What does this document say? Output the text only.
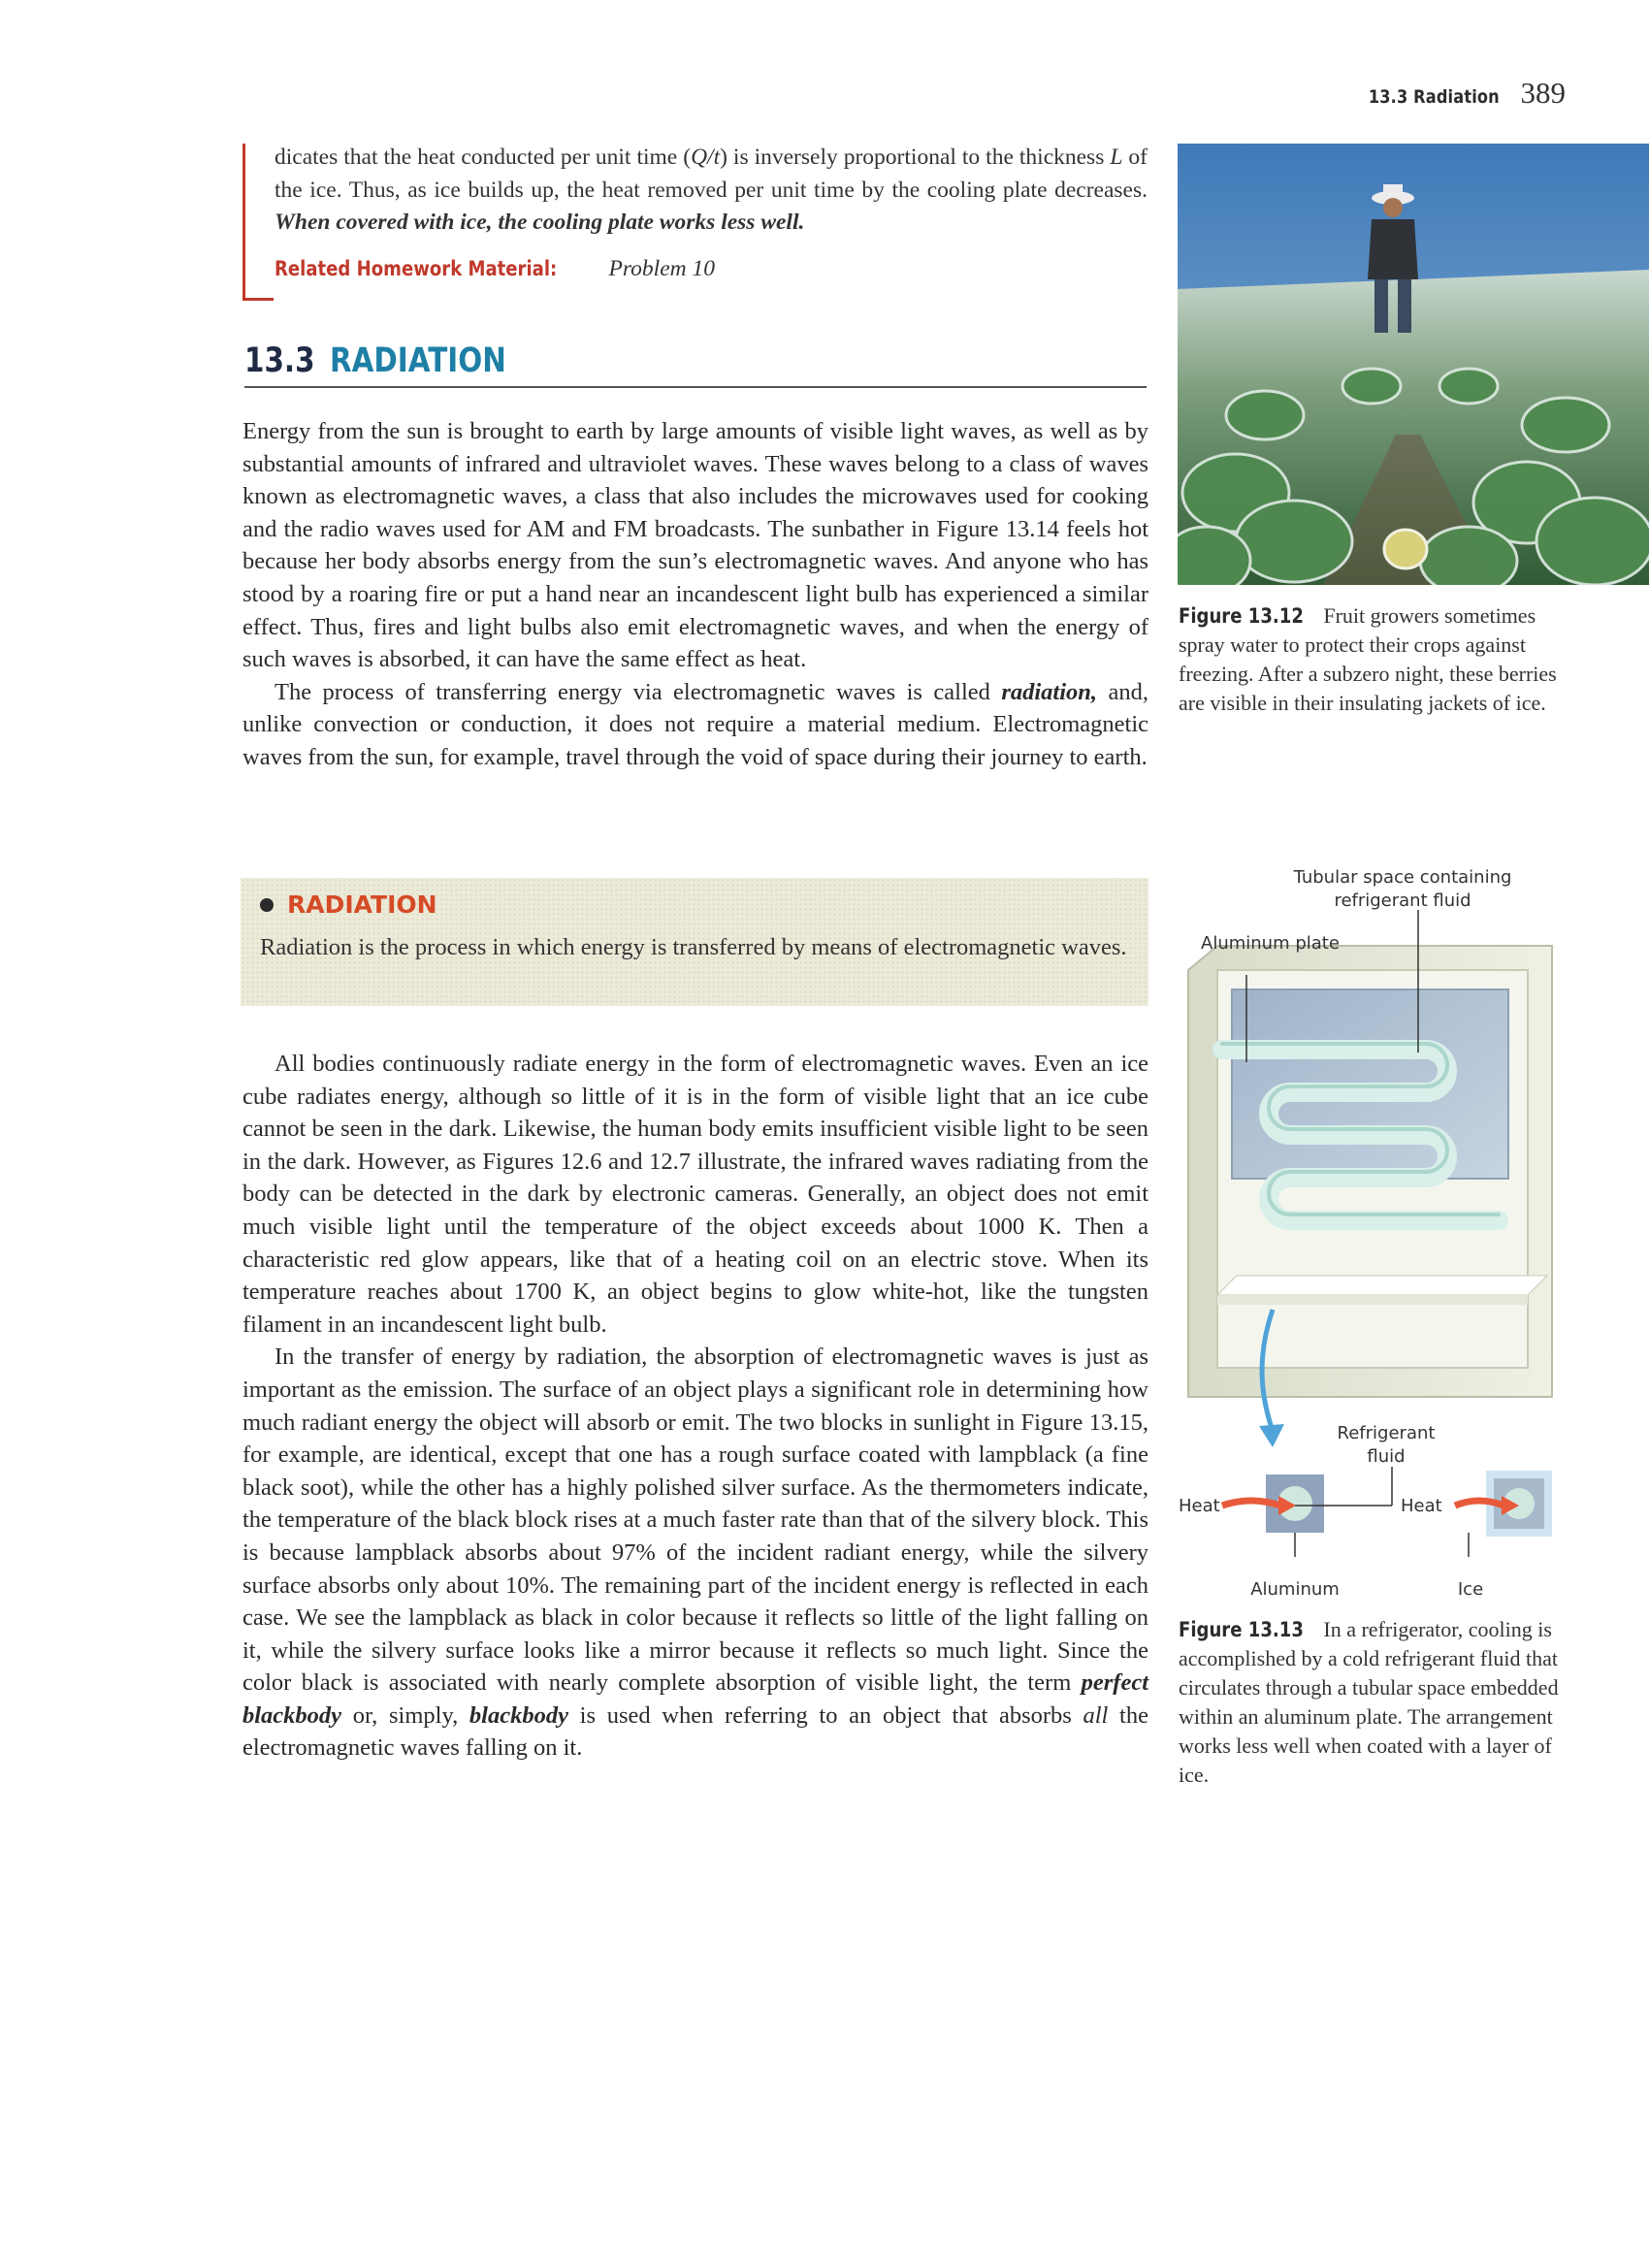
13.3 Radiation 389
dicates that the heat conducted per unit time (Q/t) is inversely proportional to the thickness L of the ice. Thus, as ice builds up, the heat removed per unit time by the cooling plate decreases. When covered with ice, the cooling plate works less well.
Related Homework Material: Problem 10
13.3 RADIATION

Energy from the sun is brought to earth by large amounts of visible light waves, as well as by substantial amounts of infrared and ultraviolet waves. These waves belong to a class of waves known as electromagnetic waves, a class that also includes the microwaves used for cooking and the radio waves used for AM and FM broadcasts. The sunbather in Figure 13.14 feels hot because her body absorbs energy from the sun’s electromagnetic waves. And anyone who has stood by a roaring fire or put a hand near an incandescent light bulb has experienced a similar effect. Thus, fires and light bulbs also emit electromagnetic waves, and when the energy of such waves is absorbed, it can have the same effect as heat.

The process of transferring energy via electromagnetic waves is called radiation, and, unlike convection or conduction, it does not require a material medium. Electromagnetic waves from the sun, for example, travel through the void of space during their journey to earth.

RADIATION
Radiation is the process in which energy is transferred by means of electromagnetic waves.

All bodies continuously radiate energy in the form of electromagnetic waves. Even an ice cube radiates energy, although so little of it is in the form of visible light that an ice cube cannot be seen in the dark. Likewise, the human body emits insufficient visible light to be seen in the dark. However, as Figures 12.6 and 12.7 illustrate, the infrared waves radiating from the body can be detected in the dark by electronic cameras. Generally, an object does not emit much visible light until the temperature of the object exceeds about 1000 K. Then a characteristic red glow appears, like that of a heating coil on an electric stove. When its temperature reaches about 1700 K, an object begins to glow white-hot, like the tungsten filament in an incandescent light bulb.

In the transfer of energy by radiation, the absorption of electromagnetic waves is just as important as the emission. The surface of an object plays a significant role in determining how much radiant energy the object will absorb or emit. The two blocks in sunlight in Figure 13.15, for example, are identical, except that one has a rough surface coated with lampblack (a fine black soot), while the other has a highly polished silver surface. As the thermometers indicate, the temperature of the black block rises at a much faster rate than that of the silvery block. This is because lampblack absorbs about 97% of the incident radiant energy, while the silvery surface absorbs only about 10%. The remaining part of the incident energy is reflected in each case. We see the lampblack as black in color because it reflects so little of the light falling on it, while the silvery surface looks like a mirror because it reflects so much light. Since the color black is associated with nearly complete absorption of visible light, the term perfect blackbody or, simply, blackbody is used when referring to an object that absorbs all the electromagnetic waves falling on it.

Figure 13.12 Fruit growers sometimes spray water to protect their crops against freezing. After a subzero night, these berries are visible in their insulating jackets of ice.
Tubular space containing
refrigerant fluid
Aluminum plate
Refrigerant
fluid
Heat	Heat
Aluminum	Ice
Figure 13.13 In a refrigerator, cooling is accomplished by a cold refrigerant fluid that circulates through a tubular space embedded within an aluminum plate. The arrangement works less well when coated with a layer of ice.
